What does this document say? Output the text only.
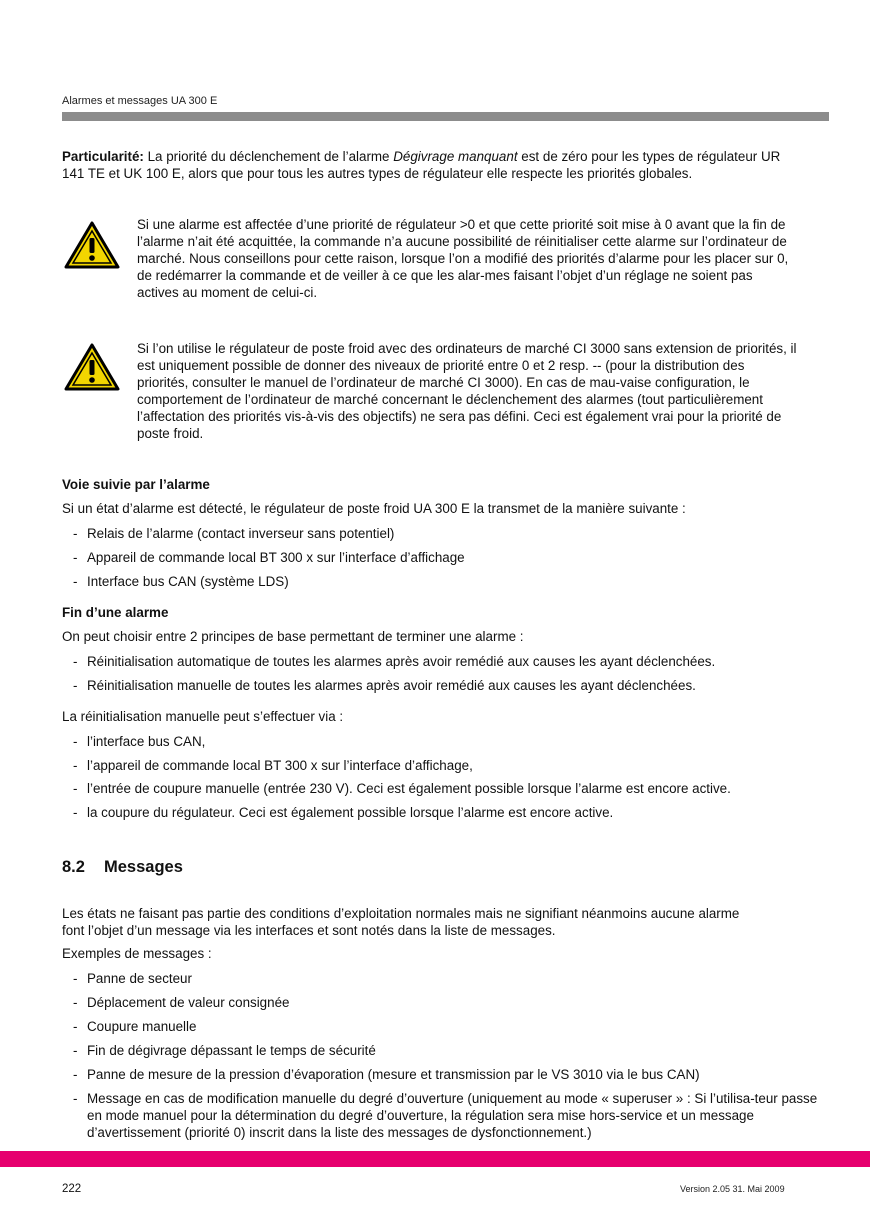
Alarmes et messages UA 300 E
Particularité: La priorité du déclenchement de l’alarme Dégivrage manquant est de zéro pour les types de régulateur UR 141 TE et UK 100 E, alors que pour tous les autres types de régulateur elle respecte les priorités globales.
Si une alarme est affectée d’une priorité de régulateur >0 et que cette priorité soit mise à 0 avant que la fin de l’alarme n’ait été acquittée, la commande n’a aucune possibilité de réinitialiser cette alarme sur l’ordinateur de marché. Nous conseillons pour cette raison, lorsque l’on a modifié des priorités d’alarme pour les placer sur 0, de redémarrer la commande et de veiller à ce que les alar-mes faisant l’objet d’un réglage ne soient pas actives au moment de celui-ci.
Si l’on utilise le régulateur de poste froid avec des ordinateurs de marché CI 3000 sans extension de priorités, il est uniquement possible de donner des niveaux de priorité entre 0 et 2 resp. -- (pour la distribution des priorités, consulter le manuel de l’ordinateur de marché CI 3000). En cas de mau-vaise configuration, le comportement de l’ordinateur de marché concernant le déclenchement des alarmes (tout particulièrement l’affectation des priorités vis-à-vis des objectifs) ne sera pas défini. Ceci est également vrai pour la priorité de poste froid.
Voie suivie par l’alarme
Si un état d’alarme est détecté, le régulateur de poste froid UA 300 E la transmet de la manière suivante :
- Relais de l’alarme (contact inverseur sans potentiel)
- Appareil de commande local BT 300 x sur l’interface d’affichage
- Interface bus CAN (système LDS)
Fin d’une alarme
On peut choisir entre 2 principes de base permettant de terminer une alarme :
- Réinitialisation automatique de toutes les alarmes après avoir remédié aux causes les ayant déclenchées.
- Réinitialisation manuelle de toutes les alarmes après avoir remédié aux causes les ayant déclenchées.
La réinitialisation manuelle peut s’effectuer via :
- l’interface bus CAN,
- l’appareil de commande local BT 300 x sur l’interface d’affichage,
- l’entrée de coupure manuelle (entrée 230 V). Ceci est également possible lorsque l’alarme est encore active.
- la coupure du régulateur. Ceci est également possible lorsque l’alarme est encore active.
8.2 Messages
Les états ne faisant pas partie des conditions d’exploitation normales mais ne signifiant néanmoins aucune alarme font l’objet d’un message via les interfaces et sont notés dans la liste de messages.
Exemples de messages :
- Panne de secteur
- Déplacement de valeur consignée
- Coupure manuelle
- Fin de dégivrage dépassant le temps de sécurité
- Panne de mesure de la pression d’évaporation (mesure et transmission par le VS 3010 via le bus CAN)
- Message en cas de modification manuelle du degré d’ouverture (uniquement au mode « superuser » : Si l’utilisa-teur passe en mode manuel pour la détermination du degré d’ouverture, la régulation sera mise hors-service et un message d’avertissement (priorité 0) inscrit dans la liste des messages de dysfonctionnement.)
222	Version 2.05 31. Mai 2009
